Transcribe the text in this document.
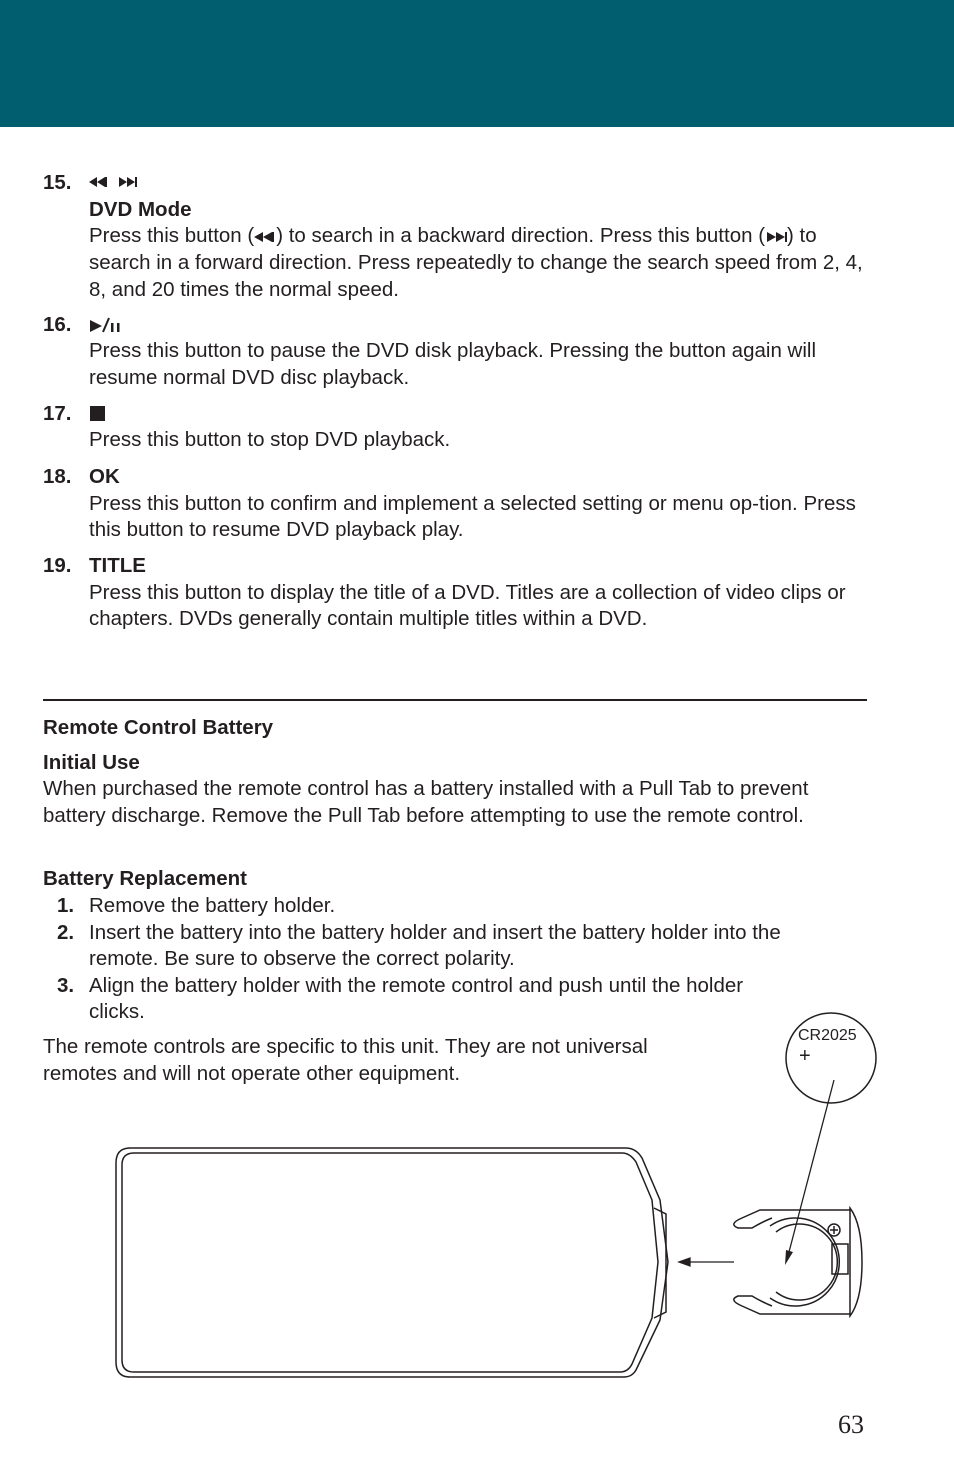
15.
DVD Mode

Press this button ( ) to search in a backward direction. Press this button ( ) to search in a forward direction. Press repeatedly to change the search speed from 2, 4, 8, and 20 times the normal speed.

16.

Press this button to pause the DVD disk playback. Pressing the button again will resume normal DVD disc playback.

17.

Press this button to stop DVD playback.

18. OK

Press this button to confirm and implement a selected setting or menu op-tion. Press this button to resume DVD playback play.

19. TITLE

Press this button to display the title of a DVD. Titles are a collection of video clips or chapters. DVDs generally contain multiple titles within a DVD.

Remote Control Battery
Initial Use
When purchased the remote control has a battery installed with a Pull Tab to prevent battery discharge. Remove the Pull Tab before attempting to use the remote control.
Battery Replacement
1. Remove the battery holder.
2. Insert the battery into the battery holder and insert the battery holder into the remote. Be sure to observe the correct polarity.
3. Align the battery holder with the remote control and push until the holder clicks.
The remote controls are specific to this unit. They are not universal remotes and will not operate other equipment.
CR2025
+
63
